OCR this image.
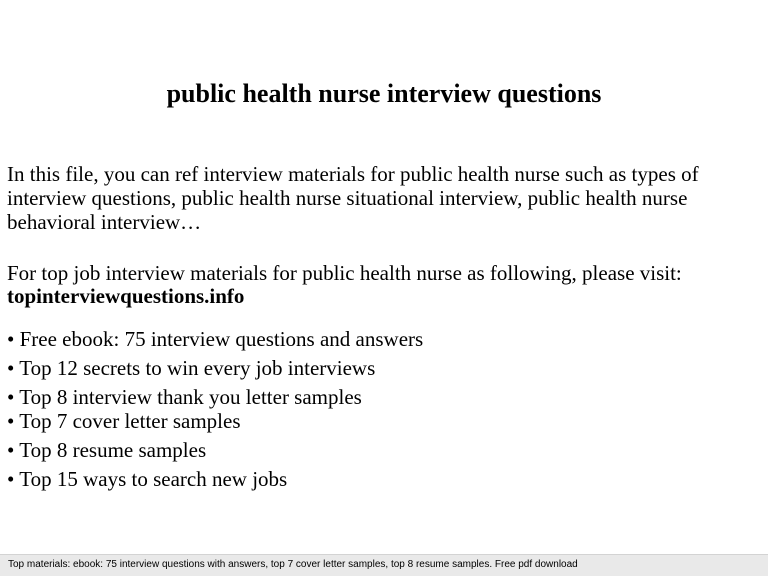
public health nurse interview questions

In this file, you can ref interview materials for public health nurse such as types of interview questions, public health nurse situational interview, public health nurse behavioral interview…

For top job interview materials for public health nurse as following, please visit:

topinterviewquestions.info
• Free ebook: 75 interview questions and answers
• Top 12 secrets to win every job interviews
• Top 8 interview thank you letter samples
• Top 7 cover letter samples
• Top 8 resume samples
• Top 15 ways to search new jobs
Top materials: ebook: 75 interview questions with answers, top 7 cover letter samples, top 8 resume samples. Free pdf download
